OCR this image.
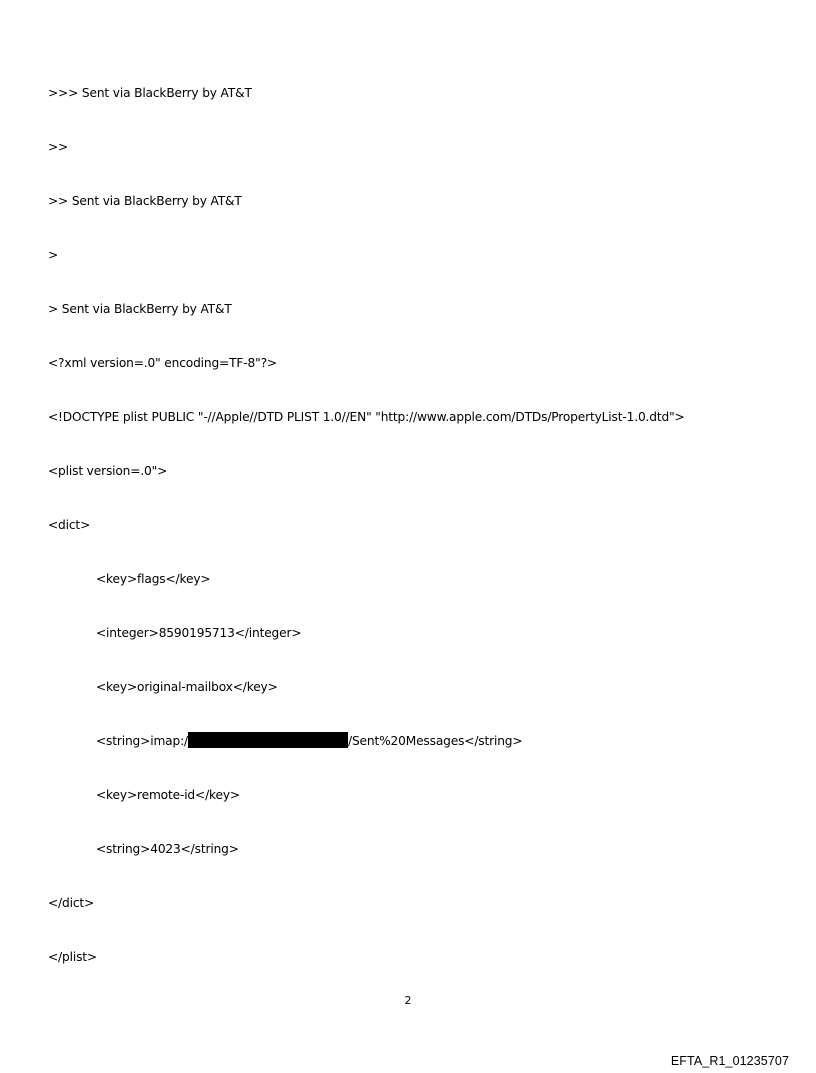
>>> Sent via BlackBerry by AT&T

>>

>> Sent via BlackBerry by AT&T

>

> Sent via BlackBerry by AT&T

<?xml version=.0" encoding=TF-8"?>

<!DOCTYPE plist PUBLIC "-//Apple//DTD PLIST 1.0//EN" "http://www.apple.com/DTDs/PropertyList-1.0.dtd">

<plist version=.0">

<dict>

<key>flags</key>

<integer>8590195713</integer>

<key>original-mailbox</key>

<string>imap:/	/Sent%20Messages</string>

<key>remote-id</key>

<string>4023</string>

</dict>

</plist>

2
EFTA_R1_01235707
